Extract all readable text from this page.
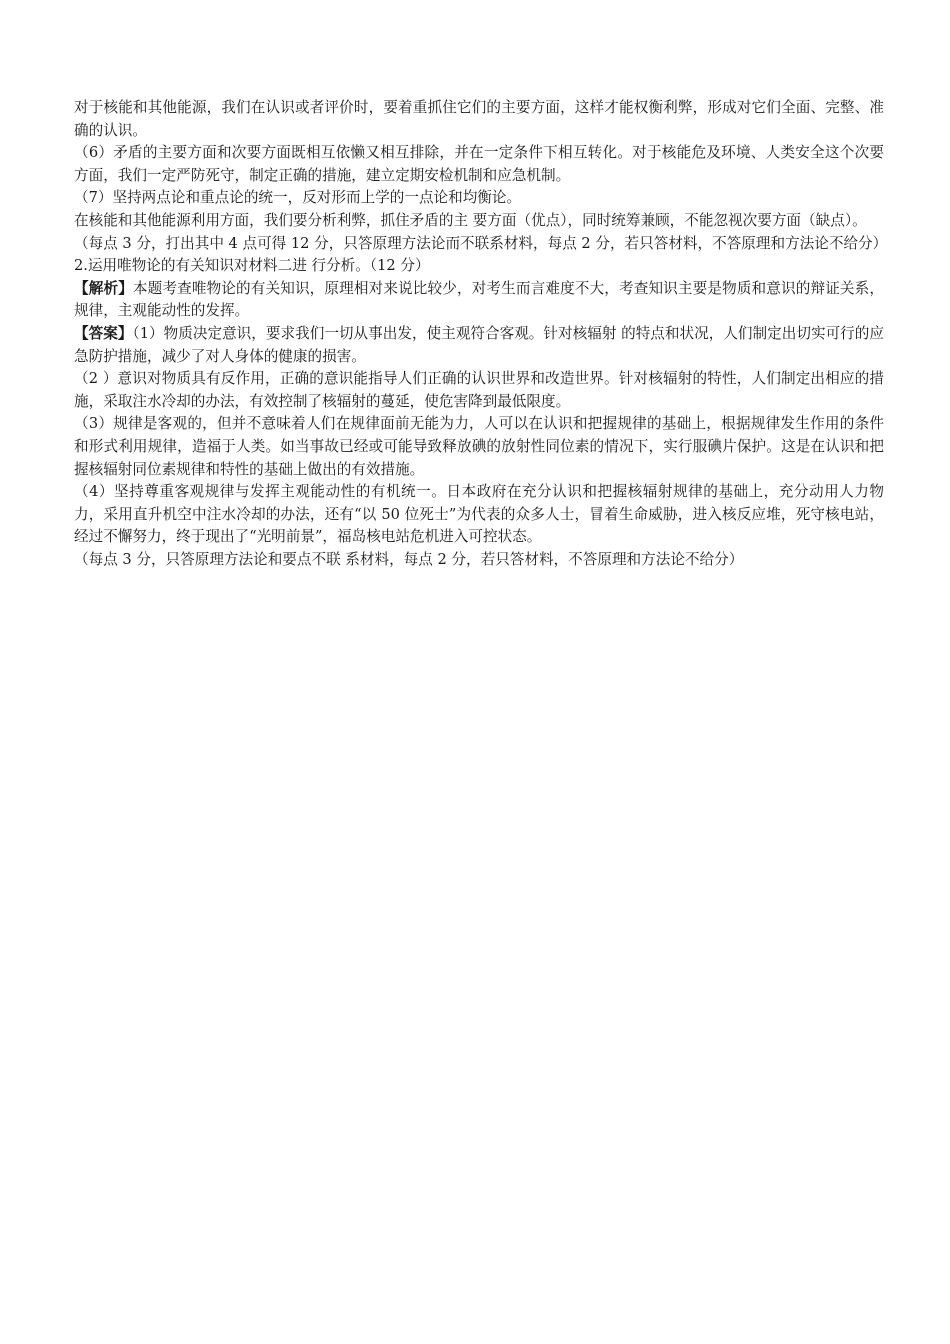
对于核能和其他能源，我们在认识或者评价时，要着重抓住它们的主要方面，这样才能权衡利弊，形成对它们全面、完整、准确的认识。

（6）矛盾的主要方面和次要方面既相互依懒又相互排除，并在一定条件下相互转化。对于核能危及环境、人类安全这个次要方面，我们一定严防死守，制定正确的措施，建立定期安检机制和应急机制。

（7）坚持两点论和重点论的统一，反对形而上学的一点论和均衡论。

在核能和其他能源利用方面，我们要分析利弊，抓住矛盾的主 要方面（优点），同时统筹兼顾，不能忽视次要方面（缺点）。

（每点 3 分，打出其中 4 点可得 12 分，只答原理方法论而不联系材料，每点 2 分，若只答材料，不答原理和方法论不给分）

2.运用唯物论的有关知识对材料二进 行分析。（12 分）

【解析】本题考查唯物论的有关知识，原理相对来说比较少，对考生而言难度不大，考查知识主要是物质和意识的辩证关系，规律，主观能动性的发挥。

【答案】（1）物质决定意识，要求我们一切从事出发，使主观符合客观。针对核辐射 的特点和状况，人们制定出切实可行的应急防护措施，减少了对人身体的健康的损害。

（2 ）意识对物质具有反作用，正确的意识能指导人们正确的认识世界和改造世界。针对核辐射的特性，人们制定出相应的措施，采取注水冷却的办法，有效控制了核辐射的蔓延，使危害降到最低限度。

（3）规律是客观的，但并不意味着人们在规律面前无能为力，人可以在认识和把握规律的基础上，根据规律发生作用的条件和形式利用规律，造福于人类。如当事故已经或可能导致释放碘的放射性同位素的情况下，实行服碘片保护。这是在认识和把握核辐射同位素规律和特性的基础上做出的有效措施。

（4）坚持尊重客观规律与发挥主观能动性的有机统一。日本政府在充分认识和把握核辐射规律的基础上，充分动用人力物力，采用直升机空中注水冷却的办法，还有“以 50 位死士”为代表的众多人士，冒着生命威胁，进入核反应堆，死守核电站，经过不懈努力，终于现出了“光明前景”，福岛核电站危机进入可控状态。

（每点 3 分，只答原理方法论和要点不联 系材料，每点 2 分，若只答材料，不答原理和方法论不给分）
